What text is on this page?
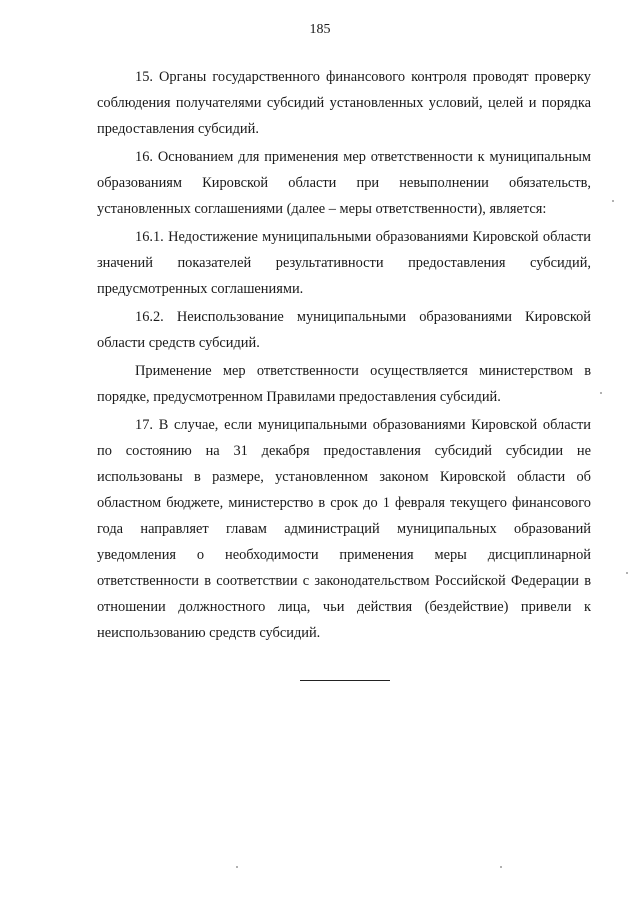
185

15. Органы государственного финансового контроля проводят проверку соблюдения получателями субсидий установленных условий, целей и порядка предоставления субсидий.

16. Основанием для применения мер ответственности к муниципальным образованиям Кировской области при невыполнении обязательств, установленных соглашениями (далее – меры ответственности), является:

16.1. Недостижение муниципальными образованиями Кировской области значений показателей результативности предоставления субсидий, предусмотренных соглашениями.

16.2. Неиспользование муниципальными образованиями Кировской области средств субсидий.

Применение мер ответственности осуществляется министерством в порядке, предусмотренном Правилами предоставления субсидий.

17. В случае, если муниципальными образованиями Кировской области по состоянию на 31 декабря предоставления субсидий субсидии не использованы в размере, установленном законом Кировской области об областном бюджете, министерство в срок до 1 февраля текущего финансового года направляет главам администраций муниципальных образований уведомления о необходимости применения меры дисциплинарной ответственности в соответствии с законодательством Российской Федерации в отношении должностного лица, чьи действия (бездействие) привели к неиспользованию средств субсидий.
